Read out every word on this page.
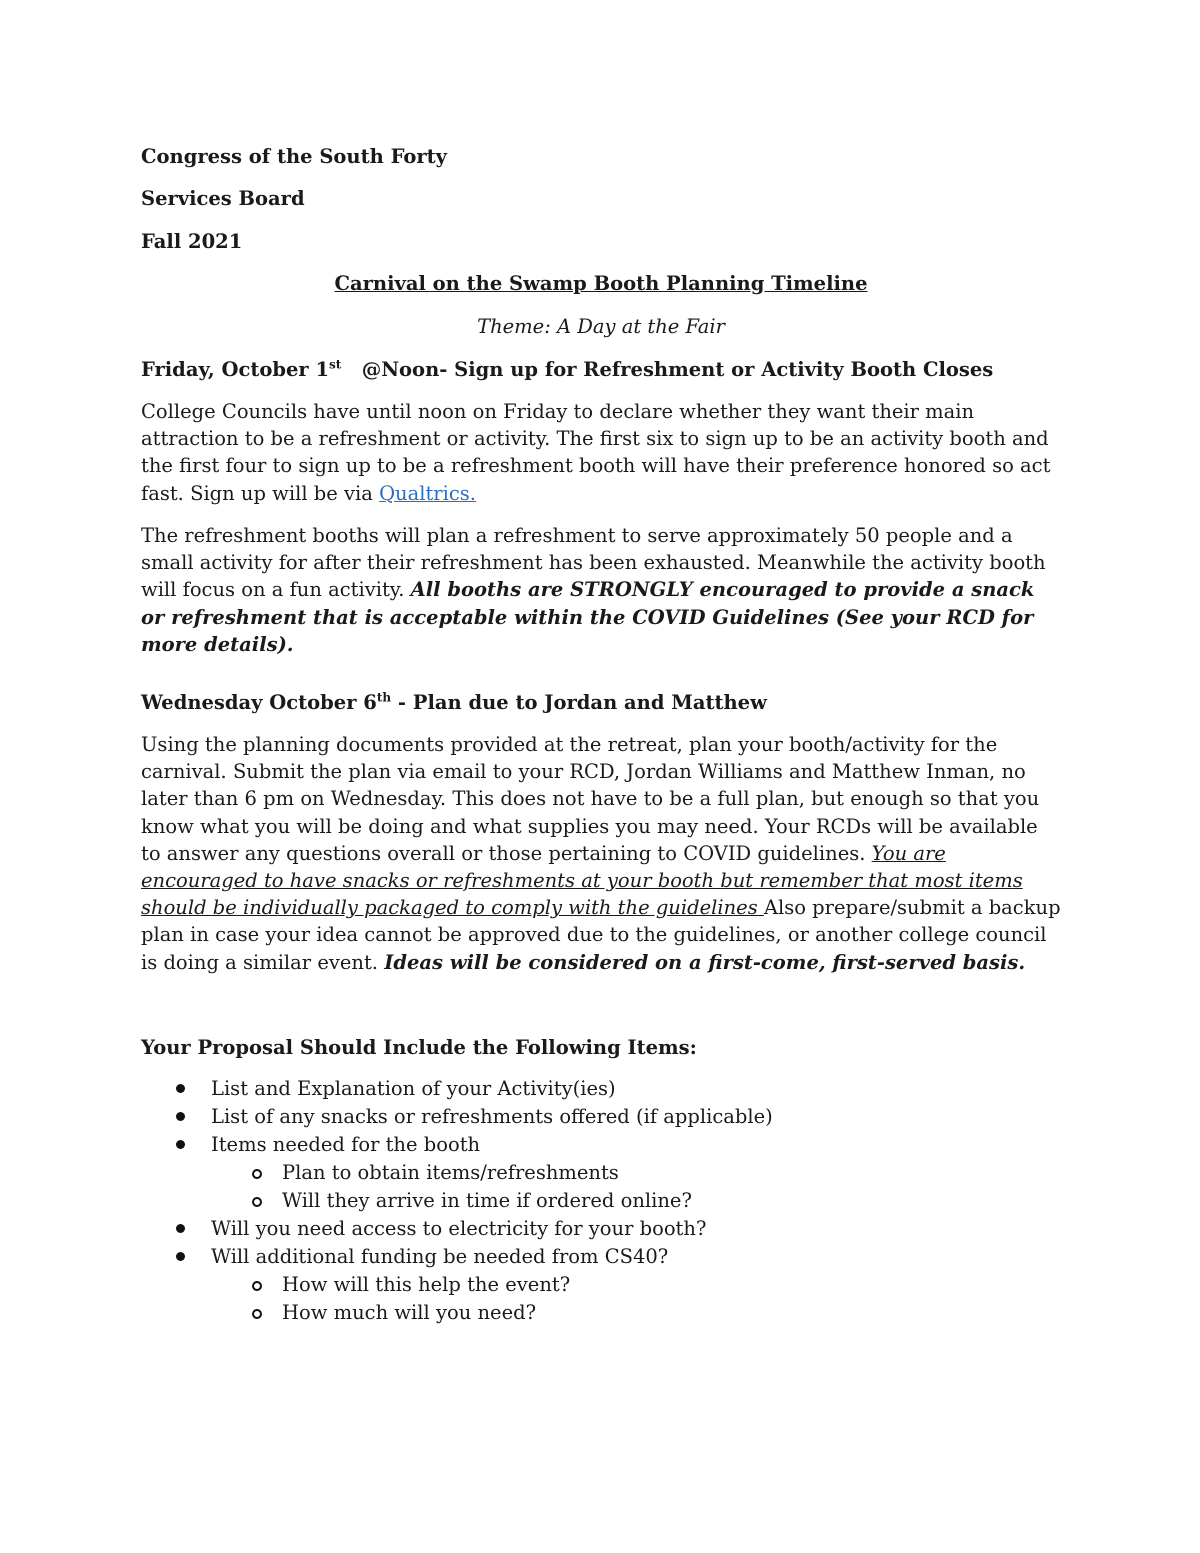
Congress of the South Forty
Services Board
Fall 2021
Carnival on the Swamp Booth Planning Timeline
Theme: A Day at the Fair
Friday, October 1st   @Noon- Sign up for Refreshment or Activity Booth Closes
College Councils have until noon on Friday to declare whether they want their main attraction to be a refreshment or activity. The first six to sign up to be an activity booth and the first four to sign up to be a refreshment booth will have their preference honored so act fast. Sign up will be via Qualtrics.
The refreshment booths will plan a refreshment to serve approximately 50 people and a small activity for after their refreshment has been exhausted. Meanwhile the activity booth will focus on a fun activity. All booths are STRONGLY encouraged to provide a snack or refreshment that is acceptable within the COVID Guidelines (See your RCD for more details).
Wednesday October 6th - Plan due to Jordan and Matthew
Using the planning documents provided at the retreat, plan your booth/activity for the carnival. Submit the plan via email to your RCD, Jordan Williams and Matthew Inman, no later than 6 pm on Wednesday. This does not have to be a full plan, but enough so that you know what you will be doing and what supplies you may need. Your RCDs will be available to answer any questions overall or those pertaining to COVID guidelines. You are encouraged to have snacks or refreshments at your booth but remember that most items should be individually packaged to comply with the guidelines Also prepare/submit a backup plan in case your idea cannot be approved due to the guidelines, or another college council is doing a similar event. Ideas will be considered on a first-come, first-served basis.
Your Proposal Should Include the Following Items:
List and Explanation of your Activity(ies)
List of any snacks or refreshments offered (if applicable)
Items needed for the booth
Plan to obtain items/refreshments
Will they arrive in time if ordered online?
Will you need access to electricity for your booth?
Will additional funding be needed from CS40?
How will this help the event?
How much will you need?
